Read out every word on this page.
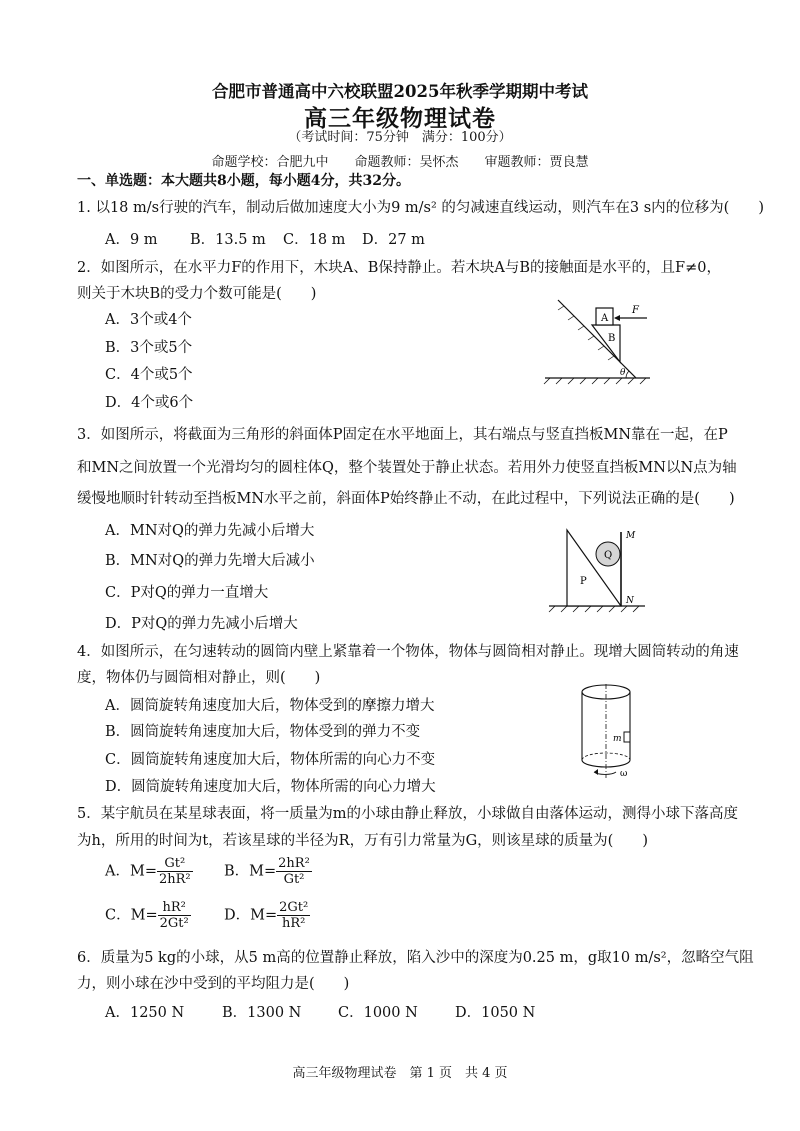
合肥市普通高中六校联盟2025年秋季学期期中考试
高三年级物理试卷
（考试时间：75分钟　满分：100分）
命题学校：合肥九中　　命题教师：吴怀杰　　审题教师：贾良慧
一、单选题：本大题共8小题，每小题4分，共32分。
1. 以18 m/s行驶的汽车，制动后做加速度大小为9 m/s² 的匀减速直线运动，则汽车在3 s内的位移为(　　)
A．9 m B．13.5 m C．18 m D．27 m
2．如图所示，在水平力F的作用下，木块A、B保持静止。若木块A与B的接触面是水平的，且F≠0，
则关于木块B的受力个数可能是(　　)
A．3个或4个
B．3个或5个
C．4个或5个
D．4个或6个
A
B
F
θ
3．如图所示，将截面为三角形的斜面体P固定在水平地面上，其右端点与竖直挡板MN靠在一起，在P
和MN之间放置一个光滑均匀的圆柱体Q，整个装置处于静止状态。若用外力使竖直挡板MN以N点为轴
缓慢地顺时针转动至挡板MN水平之前，斜面体P始终静止不动，在此过程中，下列说法正确的是(　　)
A．MN对Q的弹力先减小后增大
B．MN对Q的弹力先增大后减小
C．P对Q的弹力一直增大
D．P对Q的弹力先减小后增大
Q
P
M
N
4．如图所示，在匀速转动的圆筒内壁上紧靠着一个物体，物体与圆筒相对静止。现增大圆筒转动的角速
度，物体仍与圆筒相对静止，则(　　)
A．圆筒旋转角速度加大后，物体受到的摩擦力增大
B．圆筒旋转角速度加大后，物体受到的弹力不变
C．圆筒旋转角速度加大后，物体所需的向心力不变
D．圆筒旋转角速度加大后，物体所需的向心力增大
m
ω
5．某宇航员在某星球表面，将一质量为m的小球由静止释放，小球做自由落体运动，测得小球下落高度
为h，所用的时间为t，若该星球的半径为R，万有引力常量为G，则该星球的质量为(　　)
A．$M= \frac{\text{Gt²}}{\text{2hR²}}$ B．$M= \frac{\text{2hR²}}{\text{Gt²}}$
C．$M= \frac{\text{hR²}}{\text{2Gt²}}$ D．$M= \frac{\text{2Gt²}}{\text{hR²}}$
6．质量为5 kg的小球，从5 m高的位置静止释放，陷入沙中的深度为0.25 m，g取10 m/s²，忽略空气阻
力，则小球在沙中受到的平均阻力是(　　)
A．1250 N	B．1300 N	C．1000 N	D．1050 N
高三年级物理试卷　第 1 页　共 4 页
